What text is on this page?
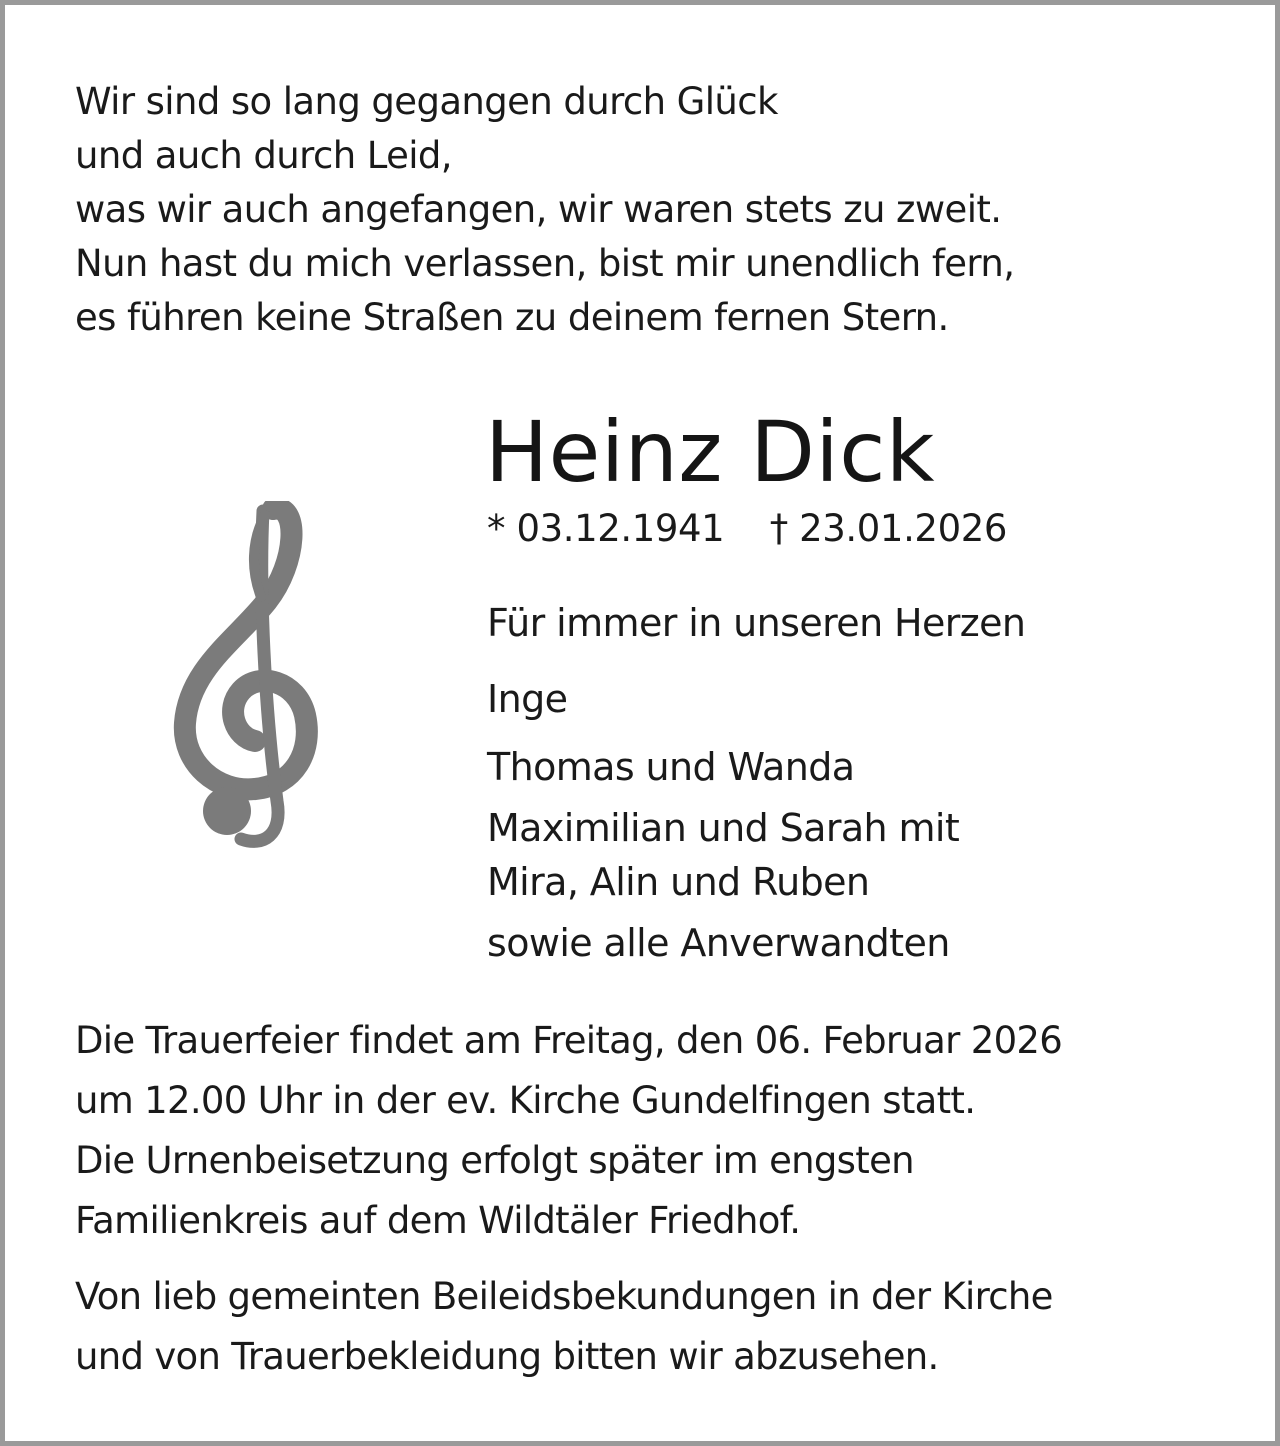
Wir sind so lang gegangen durch Glück
und auch durch Leid,
was wir auch angefangen, wir waren stets zu zweit.
Nun hast du mich verlassen, bist mir unendlich fern,
es führen keine Straßen zu deinem fernen Stern.
Heinz Dick
* 03.12.1941 † 23.01.2026
Für immer in unseren Herzen
Inge
Thomas und Wanda
Maximilian und Sarah mit
Mira, Alin und Ruben
sowie alle Anverwandten
Die Trauerfeier findet am Freitag, den 06. Februar 2026
um 12.00 Uhr in der ev. Kirche Gundelfingen statt.
Die Urnenbeisetzung erfolgt später im engsten
Familienkreis auf dem Wildtäler Friedhof.
Von lieb gemeinten Beileidsbekundungen in der Kirche
und von Trauerbekleidung bitten wir abzusehen.
